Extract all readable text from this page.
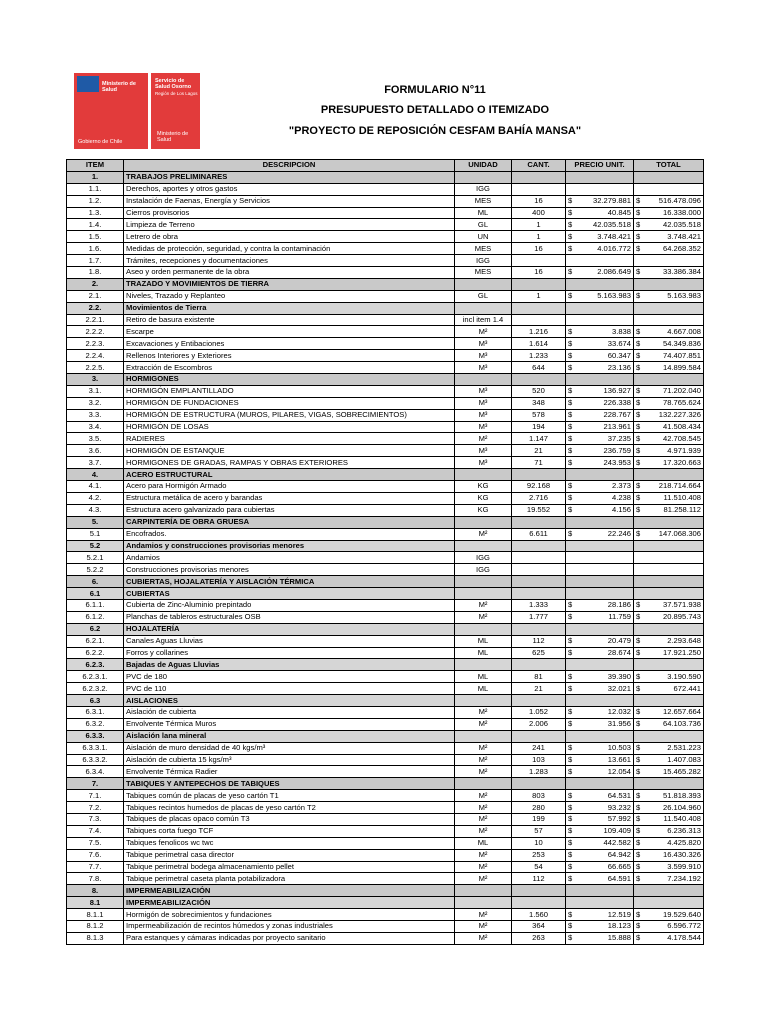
Ministerio de
Salud
Gobierno de Chile
Servicio de
Salud Osorno
Región de Los Lagos
Ministerio de
Salud
FORMULARIO N°11
PRESUPUESTO DETALLADO O ITEMIZADO
"PROYECTO DE REPOSICIÓN CESFAM BAHÍA MANSA"
ITEM	DESCRIPCION	UNIDAD	CANT.	PRECIO UNIT.	TOTAL
1.	TRABAJOS PRELIMINARES				
1.1.	Derechos, aportes y otros gastos	IGG		

1.2.	Instalación de Faenas, Energía y Servicios	MES	16	$ 32.279.881	$ 516.478.096

1.3.	Cierros provisorios	ML	400	$ 40.845	$ 16.338.000

1.4.	Limpieza de Terreno	GL	1	$ 42.035.518	$ 42.035.518

1.5.	Letrero de obra	UN	1	$ 3.748.421	$ 3.748.421

1.6.	Medidas de protección, seguridad, y contra la contaminación	MES	16	$ 4.016.772	$ 64.268.352

1.7.	Trámites, recepciones y documentaciones	IGG		

1.8.	Aseo y orden permanente de la obra	MES	16	$ 2.086.649	$ 33.386.384

2.	TRAZADO Y MOVIMIENTOS DE TIERRA				
2.1.	Niveles, Trazado y Replanteo	GL	1	$ 5.163.983	$ 5.163.983

2.2.	Movimientos de Tierra				
2.2.1.	Retiro de basura existente	incl item 1.4		

2.2.2.	Escarpe	M²	1.216	$ 3.838	$ 4.667.008

2.2.3.	Excavaciones y Entibaciones	M³	1.614	$ 33.674	$ 54.349.836

2.2.4.	Rellenos Interiores y Exteriores	M³	1.233	$ 60.347	$ 74.407.851

2.2.5.	Extracción de Escombros	M³	644	$ 23.136	$ 14.899.584

3.	HORMIGONES				
3.1.	HORMIGÓN EMPLANTILLADO	M³	520	$ 136.927	$ 71.202.040

3.2.	HORMIGÓN DE FUNDACIONES	M³	348	$ 226.338	$ 78.765.624

3.3.	HORMIGÓN DE ESTRUCTURA (MUROS, PILARES, VIGAS, SOBRECIMIENTOS)	M³	578	$ 228.767	$ 132.227.326

3.4.	HORMIGÓN DE LOSAS	M³	194	$ 213.961	$ 41.508.434

3.5.	RADIERES	M²	1.147	$ 37.235	$ 42.708.545

3.6.	HORMIGÓN DE ESTANQUE	M³	21	$ 236.759	$ 4.971.939

3.7.	HORMIGONES DE GRADAS, RAMPAS Y OBRAS EXTERIORES	M³	71	$ 243.953	$ 17.320.663

4.	ACERO ESTRUCTURAL				
4.1.	Acero para Hormigón Armado	KG	92.168	$ 2.373	$ 218.714.664

4.2.	Estructura metálica de acero y barandas	KG	2.716	$ 4.238	$ 11.510.408

4.3.	Estructura acero galvanizado para cubiertas	KG	19.552	$ 4.156	$ 81.258.112

5.	CARPINTERÍA DE OBRA GRUESA				
5.1	Encofrados.	M²	6.611	$ 22.246	$ 147.068.306

5.2	Andamios y construcciones provisorias menores				
5.2.1	Andamios	IGG		

5.2.2	Construcciones provisorias menores	IGG		

6.	CUBIERTAS, HOJALATERÍA Y AISLACIÓN TÉRMICA				
6.1	CUBIERTAS				
6.1.1.	Cubierta de Zinc-Aluminio prepintado	M²	1.333	$ 28.186	$ 37.571.938

6.1.2.	Planchas de tableros estructurales OSB	M²	1.777	$ 11.759	$ 20.895.743

6.2	HOJALATERÍA				
6.2.1.	Canales Aguas Lluvias	ML	112	$ 20.479	$ 2.293.648

6.2.2.	Forros y collarines	ML	625	$ 28.674	$ 17.921.250

6.2.3.	Bajadas de Aguas Lluvias				
6.2.3.1.	PVC de 180	ML	81	$ 39.390	$ 3.190.590

6.2.3.2.	PVC de 110	ML	21	$ 32.021	$ 672.441

6.3	AISLACIONES				
6.3.1.	Aislación de cubierta	M²	1.052	$ 12.032	$ 12.657.664

6.3.2.	Envolvente Térmica Muros	M²	2.006	$ 31.956	$ 64.103.736

6.3.3.	Aislación lana mineral				
6.3.3.1.	Aislación de muro densidad de 40 kgs/m³	M²	241	$ 10.503	$ 2.531.223

6.3.3.2.	Aislación de cubierta 15 kgs/m³	M²	103	$ 13.661	$ 1.407.083

6.3.4.	Envolvente Térmica Radier	M²	1.283	$ 12.054	$ 15.465.282

7.	TABIQUES Y ANTEPECHOS DE TABIQUES				
7.1.	Tabiques común de placas de yeso cartón T1	M²	803	$ 64.531	$ 51.818.393

7.2.	Tabiques recintos humedos de placas de yeso cartón T2	M²	280	$ 93.232	$ 26.104.960

7.3.	Tabiques de placas opaco común T3	M²	199	$ 57.992	$ 11.540.408

7.4.	Tabiques corta fuego TCF	M²	57	$ 109.409	$ 6.236.313

7.5.	Tabiques fenolicos wc twc	ML	10	$ 442.582	$ 4.425.820

7.6.	Tabique perimetral casa director	M²	253	$ 64.942	$ 16.430.326

7.7.	Tabique perimetral bodega almacenamiento pellet	M²	54	$ 66.665	$ 3.599.910

7.8.	Tabique perimetral caseta planta potabilizadora	M²	112	$ 64.591	$ 7.234.192

8.	IMPERMEABILIZACIÓN				
8.1	IMPERMEABILIZACIÓN				
8.1.1	Hormigón de sobrecimientos y fundaciones	M²	1.560	$ 12.519	$ 19.529.640

8.1.2	Impermeabilización de recintos húmedos y zonas industriales	M²	364	$ 18.123	$ 6.596.772

8.1.3	Para estanques y cámaras indicadas por proyecto sanitario	M²	263	$ 15.888	$ 4.178.544
